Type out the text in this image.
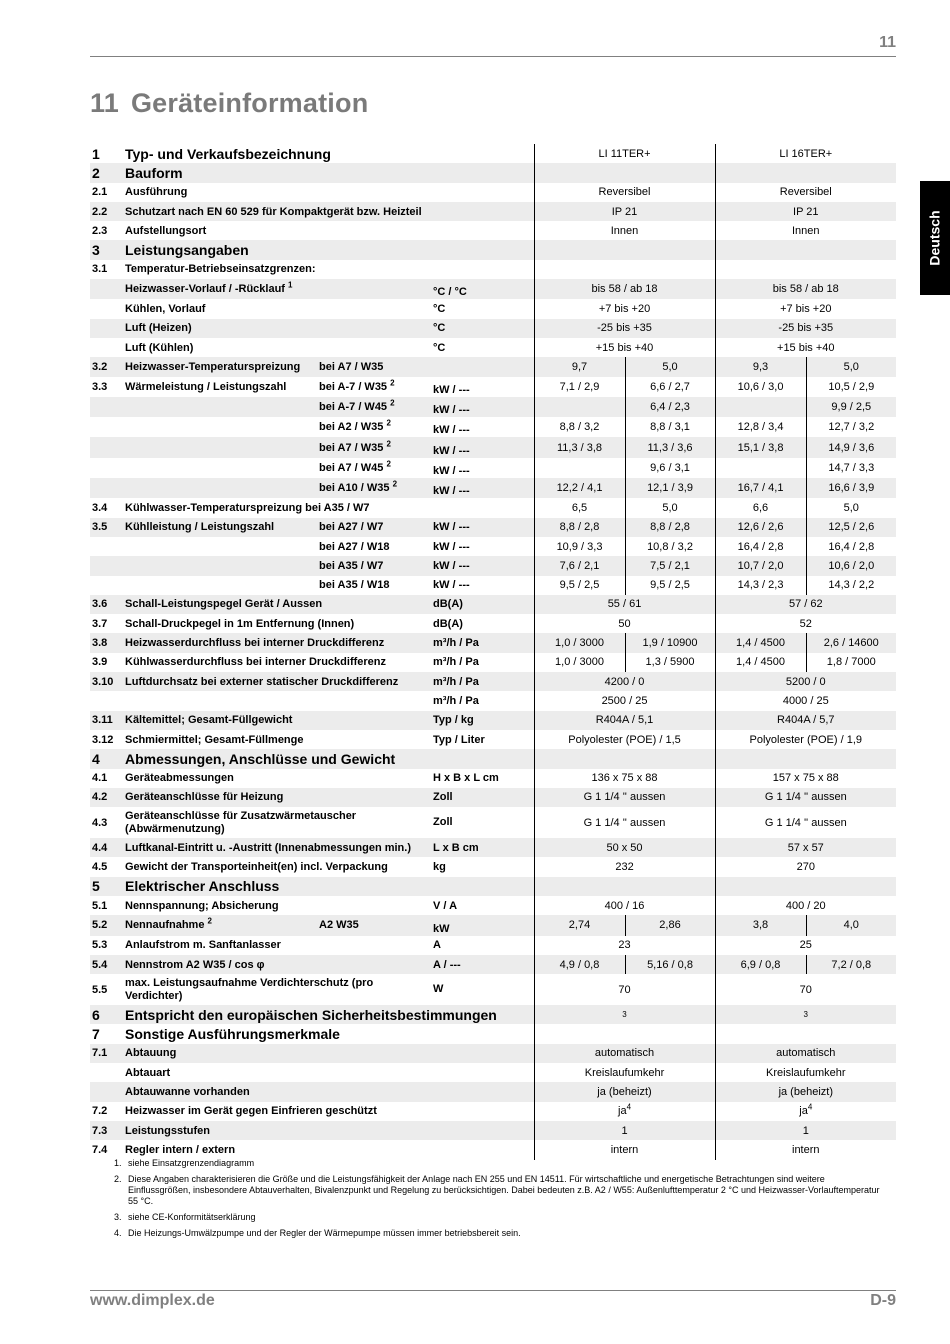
11
11 Geräteinformation
Deutsch
1	Typ- und Verkaufsbezeichnung			LI 11TER+		LI 16TER+	
2	Bauform						
2.1	Ausführung			Reversibel		Reversibel	
2.2	Schutzart nach EN 60 529 für Kompaktgerät bzw. Heizteil			IP 21		IP 21	
2.3	Aufstellungsort			Innen		Innen	
3	Leistungsangaben						
3.1	Temperatur-Betriebseinsatzgrenzen:						
	Heizwasser-Vorlauf / -Rücklauf $^1$		°C / °C	bis 58 / ab 18		bis 58 / ab 18	
	Kühlen, Vorlauf		°C	+7 bis +20		+7 bis +20	
	Luft (Heizen)		°C	-25 bis +35		-25 bis +35	
	Luft (Kühlen)		°C	+15 bis +40		+15 bis +40	
3.2	Heizwasser-Temperaturspreizung	bei A7 / W35		9,7	5,0	9,3	5,0
3.3	Wärmeleistung / Leistungszahl	bei A-7 / W35 $^2$	kW / ---	7,1 / 2,9	6,6 / 2,7	10,6 / 3,0	10,5 / 2,9
		bei A-7 / W45 $^2$	kW / ---		6,4 / 2,3		9,9 / 2,5
		bei A2 / W35 $^2$	kW / ---	8,8 / 3,2	8,8 / 3,1	12,8 / 3,4	12,7 / 3,2
		bei A7 / W35 $^2$	kW / ---	11,3 / 3,8	11,3 / 3,6	15,1 / 3,8	14,9 / 3,6
		bei A7 / W45 $^2$	kW / ---		9,6 / 3,1		14,7 / 3,3
		bei A10 / W35 $^2$	kW / ---	12,2 / 4,1	12,1 / 3,9	16,7 / 4,1	16,6 / 3,9
3.4	Kühlwasser-Temperaturspreizung bei A35 / W7			6,5	5,0	6,6	5,0
3.5	Kühlleistung / Leistungszahl	bei A27 / W7	kW / ---	8,8 / 2,8	8,8 / 2,8	12,6 / 2,6	12,5 / 2,6
		bei A27 / W18	kW / ---	10,9 / 3,3	10,8 / 3,2	16,4 / 2,8	16,4 / 2,8
		bei A35 / W7	kW / ---	7,6 / 2,1	7,5 / 2,1	10,7 / 2,0	10,6 / 2,0
		bei A35 / W18	kW / ---	9,5 / 2,5	9,5 / 2,5	14,3 / 2,3	14,3 / 2,2
3.6	Schall-Leistungspegel Gerät / Aussen		dB(A)	55 / 61		57 / 62	
3.7	Schall-Druckpegel in 1m Entfernung (Innen)		dB(A)	50		52	
3.8	Heizwasserdurchfluss bei interner Druckdifferenz		m³/h / Pa	1,0 / 3000	1,9 / 10900	1,4 / 4500	2,6 / 14600
3.9	Kühlwasserdurchfluss bei interner Druckdifferenz		m³/h / Pa	1,0 / 3000	1,3 / 5900	1,4 / 4500	1,8 / 7000
3.10	Luftdurchsatz bei externer statischer Druckdifferenz		m³/h / Pa	4200 / 0		5200 / 0	
			m³/h / Pa	2500 / 25		4000 / 25	
3.11	Kältemittel; Gesamt-Füllgewicht		Typ / kg	R404A / 5,1		R404A / 5,7	
3.12	Schmiermittel; Gesamt-Füllmenge		Typ / Liter	Polyolester (POE) / 1,5		Polyolester (POE) / 1,9	
4	Abmessungen, Anschlüsse und Gewicht						
4.1	Geräteabmessungen		H x B x L cm	136 x 75 x 88		157 x 75 x 88	
4.2	Geräteanschlüsse für Heizung		Zoll	G 1 1/4 '' aussen		G 1 1/4 '' aussen	
4.3	Geräteanschlüsse für Zusatzwärmetauscher (Abwärmenutzung)		Zoll	G 1 1/4 '' aussen		G 1 1/4 '' aussen	
4.4	Luftkanal-Eintritt u. -Austritt (Innenabmessungen min.)		L x B cm	50 x 50		57 x 57	
4.5	Gewicht der Transporteinheit(en) incl. Verpackung		kg	232		270	
5	Elektrischer Anschluss						
5.1	Nennspannung; Absicherung		V / A	400 / 16		400 / 20	
5.2	Nennaufnahme $^2$	A2 W35	kW	2,74	2,86	3,8	4,0
5.3	Anlaufstrom m. Sanftanlasser		A	23		25	
5.4	Nennstrom A2 W35 / cos φ		A / ---	4,9 / 0,8	5,16 / 0,8	6,9 / 0,8	7,2 / 0,8
5.5	max. Leistungsaufnahme Verdichterschutz (pro Verdichter)		W	70		70	
6	Entspricht den europäischen Sicherheitsbestimmungen			3		3	
7	Sonstige Ausführungsmerkmale						
7.1	Abtauung			automatisch		automatisch	
	Abtauart			Kreislaufumkehr		Kreislaufumkehr	
	Abtauwanne vorhanden			ja (beheizt)		ja (beheizt)	
7.2	Heizwasser im Gerät gegen Einfrieren geschützt			$ja^4$		$ja^4$
7.3	Leistungsstufen			1		1	
7.4	Regler intern / extern			intern		intern	
1. siehe Einsatzgrenzendiagramm
2. Diese Angaben charakterisieren die Größe und die Leistungsfähigkeit der Anlage nach EN 255 und EN 14511. Für wirtschaftliche und energetische Betrachtungen sind weitere Einflussgrößen, insbesondere Abtauverhalten, Bivalenzpunkt und Regelung zu berücksichtigen. Dabei bedeuten z.B. A2 / W55: Außenlufttemperatur 2 °C und Heizwasser-Vorlauftemperatur 55 °C.
3. siehe CE-Konformitätserklärung
4. Die Heizungs-Umwälzpumpe und der Regler der Wärmepumpe müssen immer betriebsbereit sein.
www.dimplex.de	D-9
